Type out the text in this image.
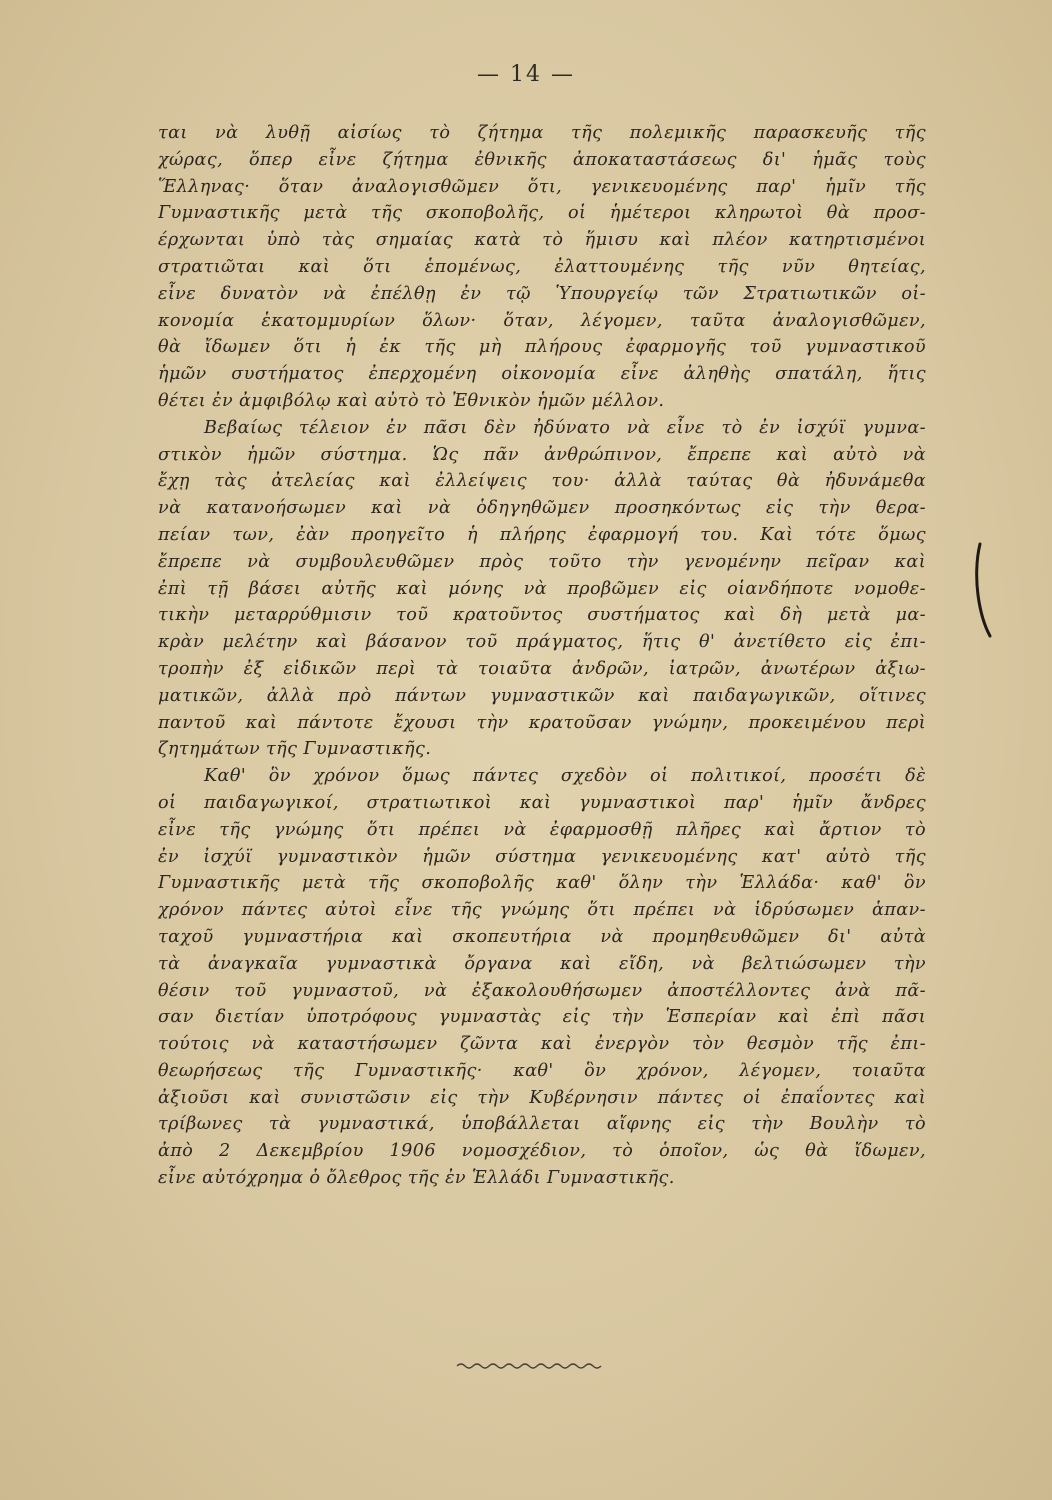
— 14 —
ται νὰ λυθῇ αἰσίως τὸ ζήτημα τῆς πολεμικῆς παρασκευῆς τῆς
χώρας, ὅπερ εἶνε ζήτημα ἐθνικῆς ἀποκαταστάσεως δι' ἡμᾶς τοὺς
Ἕλληνας· ὅταν ἀναλογισθῶμεν ὅτι, γενικευομένης παρ' ἡμῖν τῆς
Γυμναστικῆς μετὰ τῆς σκοποβολῆς, οἱ ἡμέτεροι κληρωτοὶ θὰ προσ-
έρχωνται ὑπὸ τὰς σημαίας κατὰ τὸ ἥμισυ καὶ πλέον κατηρτισμένοι
στρατιῶται καὶ ὅτι ἑπομένως, ἐλαττουμένης τῆς νῦν θητείας,
εἶνε δυνατὸν νὰ ἐπέλθῃ ἐν τῷ Ὑπουργείῳ τῶν Στρατιωτικῶν οἰ-
κονομία ἑκατομμυρίων ὅλων· ὅταν, λέγομεν, ταῦτα ἀναλογισθῶμεν,
θὰ ἴδωμεν ὅτι ἡ ἐκ τῆς μὴ πλήρους ἐφαρμογῆς τοῦ γυμναστικοῦ
ἡμῶν συστήματος ἐπερχομένη οἰκονομία εἶνε ἀληθὴς σπατάλη, ἥτις
θέτει ἐν ἀμφιβόλῳ καὶ αὐτὸ τὸ Ἐθνικὸν ἡμῶν μέλλον.
Βεβαίως τέλειον ἐν πᾶσι δὲν ἠδύνατο νὰ εἶνε τὸ ἐν ἰσχύϊ γυμνα-
στικὸν ἡμῶν σύστημα. Ὡς πᾶν ἀνθρώπινον, ἔπρεπε καὶ αὐτὸ νὰ
ἔχῃ τὰς ἀτελείας καὶ ἐλλείψεις του· ἀλλὰ ταύτας θὰ ἠδυνάμεθα
νὰ κατανοήσωμεν καὶ νὰ ὁδηγηθῶμεν προσηκόντως εἰς τὴν θερα-
πείαν των, ἐὰν προηγεῖτο ἡ πλήρης ἐφαρμογή του. Καὶ τότε ὅμως
ἔπρεπε νὰ συμβουλευθῶμεν πρὸς τοῦτο τὴν γενομένην πεῖραν καὶ
ἐπὶ τῇ βάσει αὐτῆς καὶ μόνης νὰ προβῶμεν εἰς οἱανδήποτε νομοθε-
τικὴν μεταρρύθμισιν τοῦ κρατοῦντος συστήματος καὶ δὴ μετὰ μα-
κρὰν μελέτην καὶ βάσανον τοῦ πράγματος, ἥτις θ' ἀνετίθετο εἰς ἐπι-
τροπὴν ἐξ εἰδικῶν περὶ τὰ τοιαῦτα ἀνδρῶν, ἰατρῶν, ἀνωτέρων ἀξιω-
ματικῶν, ἀλλὰ πρὸ πάντων γυμναστικῶν καὶ παιδαγωγικῶν, οἵτινες
παντοῦ καὶ πάντοτε ἔχουσι τὴν κρατοῦσαν γνώμην, προκειμένου περὶ
ζητημάτων τῆς Γυμναστικῆς.
Καθ' ὃν χρόνον ὅμως πάντες σχεδὸν οἱ πολιτικοί, προσέτι δὲ
οἱ παιδαγωγικοί, στρατιωτικοὶ καὶ γυμναστικοὶ παρ' ἡμῖν ἄνδρες
εἶνε τῆς γνώμης ὅτι πρέπει νὰ ἐφαρμοσθῇ πλῆρες καὶ ἄρτιον τὸ
ἐν ἰσχύϊ γυμναστικὸν ἡμῶν σύστημα γενικευομένης κατ' αὐτὸ τῆς
Γυμναστικῆς μετὰ τῆς σκοποβολῆς καθ' ὅλην τὴν Ἑλλάδα· καθ' ὃν
χρόνον πάντες αὐτοὶ εἶνε τῆς γνώμης ὅτι πρέπει νὰ ἱδρύσωμεν ἁπαν-
ταχοῦ γυμναστήρια καὶ σκοπευτήρια νὰ προμηθευθῶμεν δι' αὐτὰ
τὰ ἀναγκαῖα γυμναστικὰ ὄργανα καὶ εἴδη, νὰ βελτιώσωμεν τὴν
θέσιν τοῦ γυμναστοῦ, νὰ ἐξακολουθήσωμεν ἀποστέλλοντες ἀνὰ πᾶ-
σαν διετίαν ὑποτρόφους γυμναστὰς εἰς τὴν Ἑσπερίαν καὶ ἐπὶ πᾶσι
τούτοις νὰ καταστήσωμεν ζῶντα καὶ ἐνεργὸν τὸν θεσμὸν τῆς ἐπι-
θεωρήσεως τῆς Γυμναστικῆς· καθ' ὃν χρόνον, λέγομεν, τοιαῦτα
ἀξιοῦσι καὶ συνιστῶσιν εἰς τὴν Κυβέρνησιν πάντες οἱ ἐπαΐοντες καὶ
τρίβωνες τὰ γυμναστικά, ὑποβάλλεται αἴφνης εἰς τὴν Βουλὴν τὸ
ἀπὸ 2 Δεκεμβρίου 1906 νομοσχέδιον, τὸ ὁποῖον, ὡς θὰ ἴδωμεν,
εἶνε αὐτόχρημα ὁ ὄλεθρος τῆς ἐν Ἑλλάδι Γυμναστικῆς.
